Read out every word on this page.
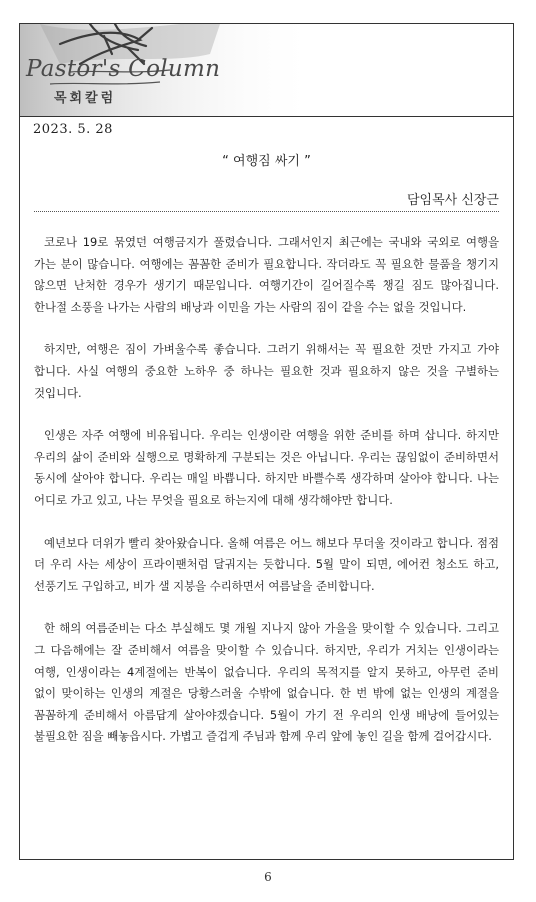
Pastor's Column
목회칼럼
2023. 5. 28
“ 여행짐 싸기 ”
담임목사 신장근

코로나 19로 묶였던 여행금지가 풀렸습니다. 그래서인지 최근에는 국내와 국외로 여행을 가는 분이 많습니다. 여행에는 꼼꼼한 준비가 필요합니다. 작더라도 꼭 필요한 물품을 챙기지 않으면 난처한 경우가 생기기 때문입니다. 여행기간이 길어질수록 챙길 짐도 많아집니다. 한나절 소풍을 나가는 사람의 배낭과 이민을 가는 사람의 짐이 같을 수는 없을 것입니다.

하지만, 여행은 짐이 가벼울수록 좋습니다. 그러기 위해서는 꼭 필요한 것만 가지고 가야 합니다. 사실 여행의 중요한 노하우 중 하나는 필요한 것과 필요하지 않은 것을 구별하는 것입니다.

인생은 자주 여행에 비유됩니다. 우리는 인생이란 여행을 위한 준비를 하며 삽니다. 하지만 우리의 삶이 준비와 실행으로 명확하게 구분되는 것은 아닙니다. 우리는 끊임없이 준비하면서 동시에 살아야 합니다. 우리는 매일 바쁩니다. 하지만 바쁠수록 생각하며 살아야 합니다. 나는 어디로 가고 있고, 나는 무엇을 필요로 하는지에 대해 생각해야만 합니다.

예년보다 더위가 빨리 찾아왔습니다. 올해 여름은 어느 해보다 무더울 것이라고 합니다. 점점 더 우리 사는 세상이 프라이팬처럼 달궈지는 듯합니다. 5월 말이 되면, 에어컨 청소도 하고, 선풍기도 구입하고, 비가 샐 지붕을 수리하면서 여름날을 준비합니다.

한 해의 여름준비는 다소 부실해도 몇 개월 지나지 않아 가을을 맞이할 수 있습니다. 그리고 그 다음해에는 잘 준비해서 여름을 맞이할 수 있습니다. 하지만, 우리가 거치는 인생이라는 여행, 인생이라는 4계절에는 반복이 없습니다. 우리의 목적지를 알지 못하고, 아무런 준비 없이 맞이하는 인생의 계절은 당황스러울 수밖에 없습니다. 한 번 밖에 없는 인생의 계절을 꼼꼼하게 준비해서 아름답게 살아야겠습니다. 5월이 가기 전 우리의 인생 배낭에 들어있는 불필요한 짐을 빼놓읍시다. 가볍고 즐겁게 주님과 함께 우리 앞에 놓인 길을 함께 걸어갑시다.

6
